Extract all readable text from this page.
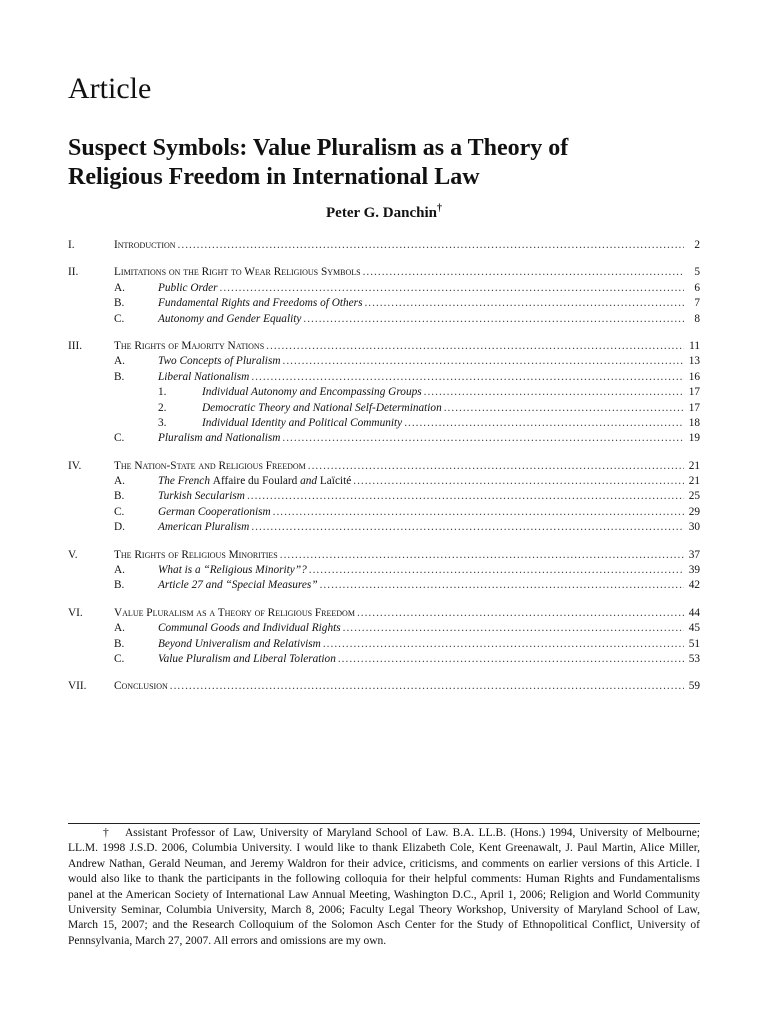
Article
Suspect Symbols: Value Pluralism as a Theory of
Religious Freedom in International Law
Peter G. Danchin†
I.	Introduction .....	2
II.	Limitations on the Right to Wear Religious Symbols .....	5
A.	Public Order .....	6
B.	Fundamental Rights and Freedoms of Others .....	7
C.	Autonomy and Gender Equality .....	8
III.	The Rights of Majority Nations .....	11
A.	Two Concepts of Pluralism .....	13
B.	Liberal Nationalism .....	16
1.	Individual Autonomy and Encompassing Groups .....	17
2.	Democratic Theory and National Self-Determination .....	17
3.	Individual Identity and Political Community .....	18
C.	Pluralism and Nationalism .....	19
IV.	The Nation-State and Religious Freedom .....	21
A.	The French Affaire du Foulard and Laïcité .....	21
B.	Turkish Secularism .....	25
C.	German Cooperationism .....	29
D.	American Pluralism .....	30
V.	The Rights of Religious Minorities .....	37
A.	What is a “Religious Minority”? .....	39
B.	Article 27 and “Special Measures” .....	42
VI.	Value Pluralism as a Theory of Religious Freedom .....	44
A.	Communal Goods and Individual Rights .....	45
B.	Beyond Univeralism and Relativism .....	51
C.	Value Pluralism and Liberal Toleration .....	53
VII.	Conclusion .....	59

† Assistant Professor of Law, University of Maryland School of Law. B.A. LL.B. (Hons.) 1994, University of Melbourne; LL.M. 1998 J.S.D. 2006, Columbia University. I would like to thank Elizabeth Cole, Kent Greenawalt, J. Paul Martin, Alice Miller, Andrew Nathan, Gerald Neuman, and Jeremy Waldron for their advice, criticisms, and comments on earlier versions of this Article. I would also like to thank the participants in the following colloquia for their helpful comments: Human Rights and Fundamentalisms panel at the American Society of International Law Annual Meeting, Washington D.C., April 1, 2006; Religion and World Community University Seminar, Columbia University, March 8, 2006; Faculty Legal Theory Workshop, University of Maryland School of Law, March 15, 2007; and the Research Colloquium of the Solomon Asch Center for the Study of Ethnopolitical Conflict, University of Pennsylvania, March 27, 2007. All errors and omissions are my own.
